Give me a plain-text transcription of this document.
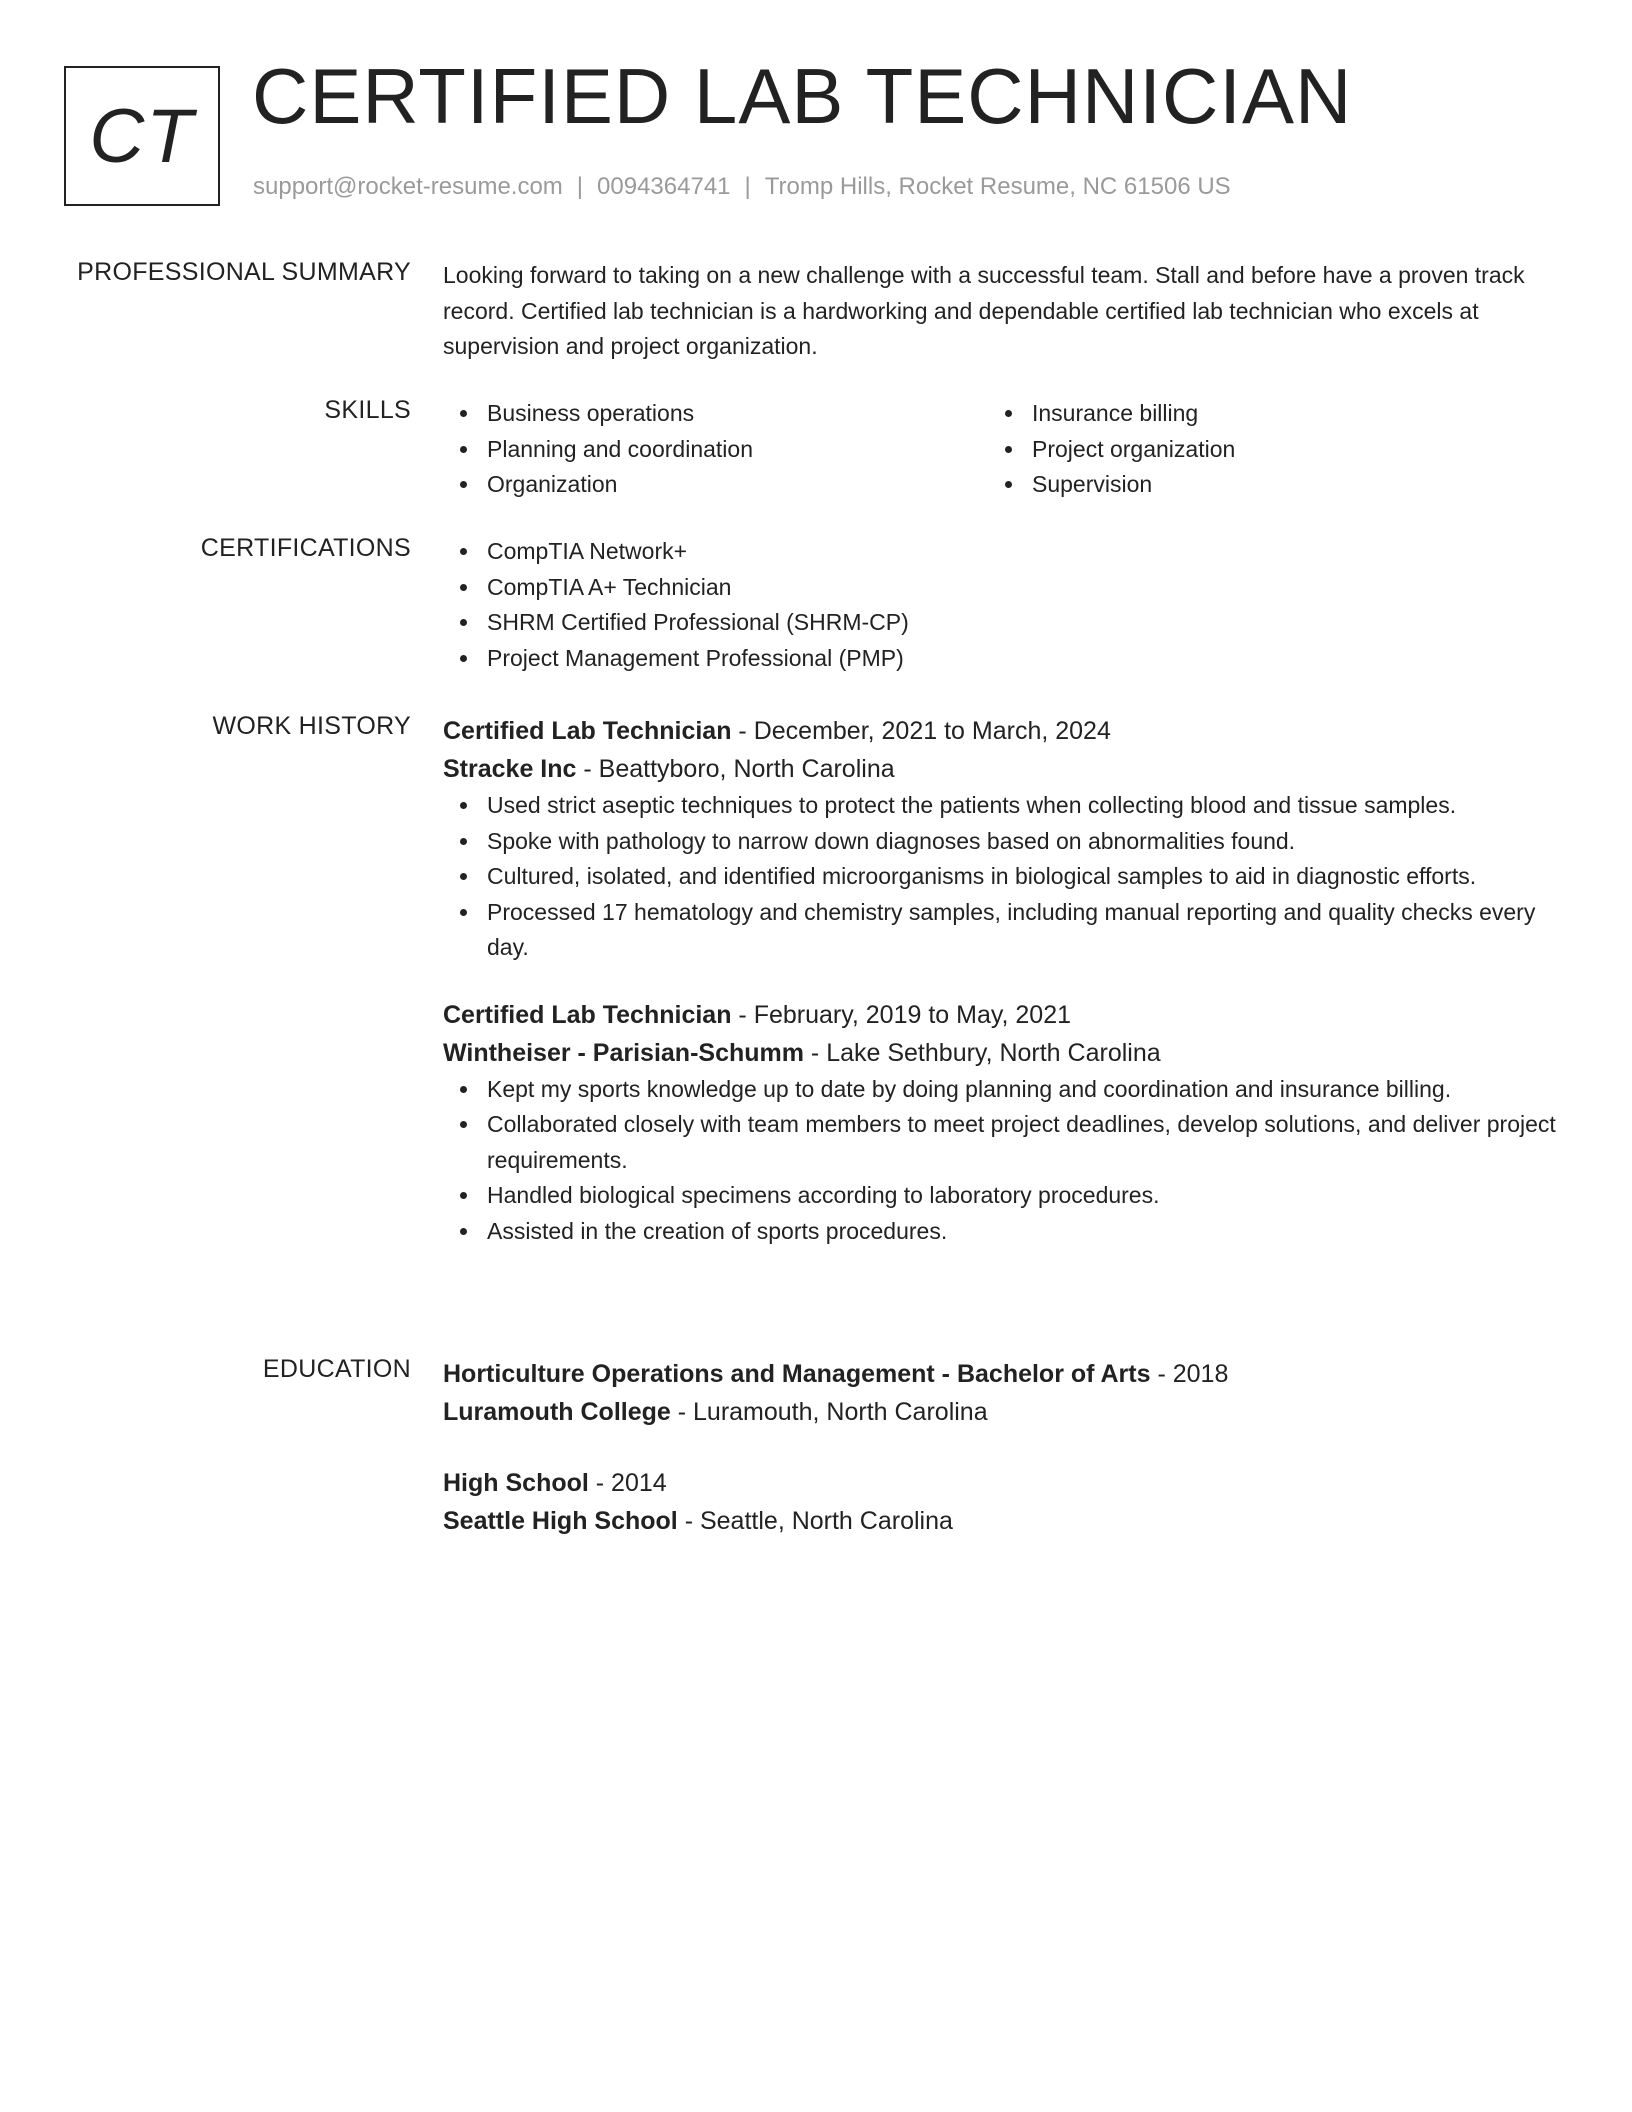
CT CERTIFIED LAB TECHNICIAN
support@rocket-resume.com | 0094364741 | Tromp Hills, Rocket Resume, NC 61506 US
PROFESSIONAL SUMMARY Looking forward to taking on a new challenge with a successful team. Stall and before have a proven track record. Certified lab technician is a hardworking and dependable certified lab technician who excels at supervision and project organization.

SKILLS	Business operations
Planning and coordination
Organization
Insurance billing
Project organization
Supervision
CERTIFICATIONS	CompTIA Network+
CompTIA A+ Technician
SHRM Certified Professional (SHRM-CP)
Project Management Professional (PMP)
WORK HISTORY Certified Lab Technician - December, 2021 to March, 2024
Stracke Inc - Beattyboro, North Carolina
Used strict aseptic techniques to protect the patients when collecting blood and tissue samples.
Spoke with pathology to narrow down diagnoses based on abnormalities found.
Cultured, isolated, and identified microorganisms in biological samples to aid in diagnostic efforts.
Processed 17 hematology and chemistry samples, including manual reporting and quality checks every day.
Certified Lab Technician - February, 2019 to May, 2021
Wintheiser - Parisian-Schumm - Lake Sethbury, North Carolina
Kept my sports knowledge up to date by doing planning and coordination and insurance billing.
Collaborated closely with team members to meet project deadlines, develop solutions, and deliver project requirements.
Handled biological specimens according to laboratory procedures.
Assisted in the creation of sports procedures.
EDUCATION Horticulture Operations and Management - Bachelor of Arts - 2018
Luramouth College - Luramouth, North Carolina
High School - 2014
Seattle High School - Seattle, North Carolina
